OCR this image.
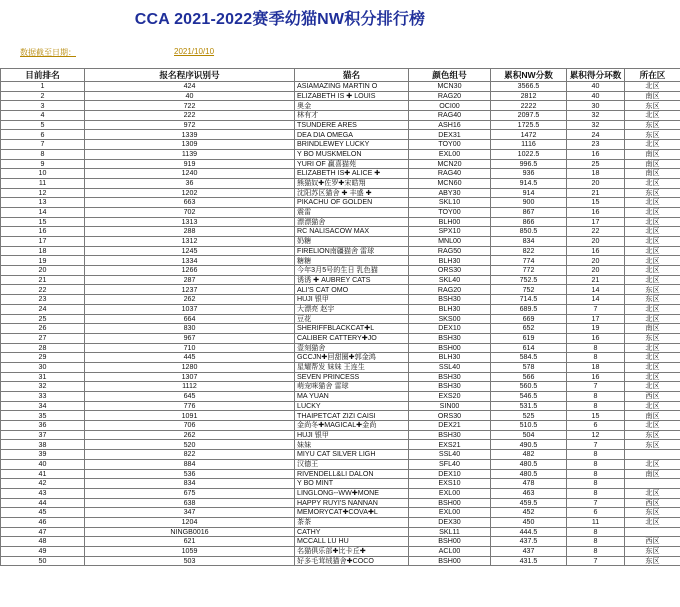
CCA 2021-2022赛季幼猫NW积分排行榜
数据截至日期：	2021/10/10
目前排名	报名程序识别号	猫名	颜色组号	累积NW分数	累积得分环数	所在区
1	424	ASIAMAZING MARTIN O	MCN30	3566.5	40	北区
2	40	ELIZABETH IS ✚ LOUIS	RAG20	2812	40	南区
3	722	奥金	OCI00	2222	30	东区
4	222	林有才	RAG40	2097.5	32	北区
5	972	TSUNDERE ARES	ASH16	1725.5	32	东区
6	1339	DEA DIA OMEGA	DEX31	1472	24	东区
7	1309	BRINDLEWEY LUCKY	TOY00	1116	23	北区
8	1139	Y BO MUSKMELON	EXL00	1022.5	16	南区
9	919	YURI OF 赢喜猫苑	MCN20	996.5	25	南区
10	1240	ELIZABETH IS✚ ALICE ✚	RAG40	936	18	南区
11	36	熊猫奴✚佐罗✚宋皓翔	MCN60	914.5	20	北区
12	1202	沈阳苏区猫舍 ✚ 丰盛 ✚	ABY30	914	21	东区
13	663	PIKACHU OF GOLDEN	SKL10	900	15	北区
14	702	震雷	TOY00	867	16	北区
15	1313	漂漂猫舍	BLH00	866	17	北区
16	288	RC NALISACOW MAX	SPX10	850.5	22	北区
17	1312	奶糖	MNL00	834	20	北区
18	1245	FIRELION南疆猫舍 雷球	RAG50	822	16	北区
19	1334	糖糖	BLH30	774	20	北区
20	1266	今年3月5号的生日 乳色猫	ORS30	772	20	北区
21	287	诱诱 ✚ AUBREY CATS	SKL40	752.5	21	北区
22	1237	ALI'S CAT OMO	RAG20	752	14	东区
23	262	HUJI 银甲	BSH30	714.5	14	东区
24	1037	大漂亮 赵宇	BLH30	689.5	7	北区
25	664	豆花	SKS00	669	17	北区
26	830	SHERIFFBLACKCAT✚L	DEX10	652	19	南区
27	967	CALIBER CATTERY✚JO	BSH30	619	16	东区
28	710	壹刻猫舍	BSH00	614	8	北区
29	445	GCCJN✚回甜圈✚郭金鸿	BLH30	584.5	8	北区
30	1280	星耀帮发 妹妹 王连生	SSL40	578	18	北区
31	1307	SEVEN PRINCESS	BSH30	566	16	北区
32	1112	萌宠咪猫舍 雷球	BSH30	560.5	7	北区
33	645	MA YUAN	EXS20	546.5	8	西区
34	776	LUCKY	SIN00	531.5	8	北区
35	1091	THAIPETCAT ZIZI CAISI	ORS30	525	15	南区
36	706	金尚冬✚MAGICAL✚金尚	DEX21	510.5	6	北区
37	262	HUJI 银甲	BSH30	504	12	东区
38	520	妹妹	EXS21	490.5	7	东区
39	822	MIYU CAT SILVER LIGH	SSL40	482	8	
40	884	汉德王	SFL40	480.5	8	北区
41	536	RIVENDELL&LI DALON	DEX10	480.5	8	南区
42	834	Y BO MINT	EXS10	478	8	
43	675	LINGLONG--WW✚MONE	EXL00	463	8	北区
44	638	HAPPY RUYI'S NANNAN	BSH00	459.5	7	西区
45	347	MEMORYCAT✚COVA✚L	EXL00	452	6	东区
46	1204	茶茶	DEX30	450	11	北区
47	NINGB0016	CATHY	SKL11	444.5	8	
48	621	MCCALL LU HU	BSH00	437.5	8	西区
49	1059	名猫俱乐部✚比卡丘✚	ACL00	437	8	东区
50	503	好多毛茸绒猫舍✚COCO	BSH00	431.5	7	东区
